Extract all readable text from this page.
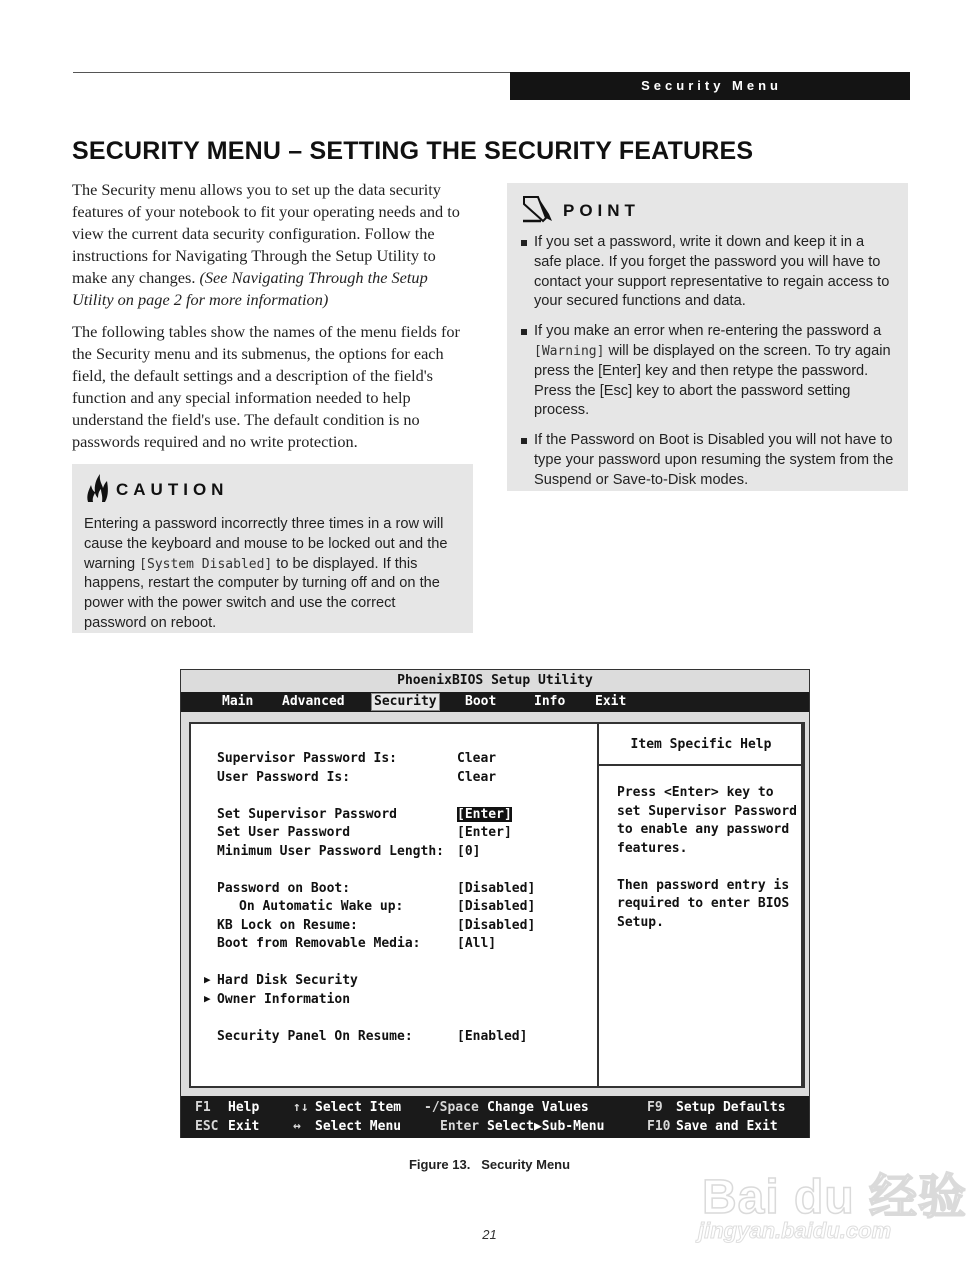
Security Menu
SECURITY MENU – SETTING THE SECURITY FEATURES

The Security menu allows you to set up the data security features of your notebook to fit your operating needs and to view the current data security configuration. Follow the instructions for Navigating Through the Setup Utility to make any changes. (See Navigating Through the Setup Utility on page 2 for more information)

The following tables show the names of the menu fields for the Security menu and its submenus, the options for each field, the default settings and a description of the field's function and any special information needed to help understand the field's use. The default condition is no passwords required and no write protection.

CAUTION

Entering a password incorrectly three times in a row will cause the keyboard and mouse to be locked out and the warning [System Disabled] to be displayed. If this happens, restart the computer by turning off and on the power with the power switch and use the correct password on reboot.

POINT
If you set a password, write it down and keep it in a safe place. If you forget the password you will have to contact your support representative to regain access to your secured functions and data.
If you make an error when re-entering the password a [Warning] will be displayed on the screen. To try again press the [Enter] key and then retype the password. Press the [Esc] key to abort the password setting process.
If the Password on Boot is Disabled you will not have to type your password upon resuming the system from the Suspend or Save-to-Disk modes.
PhoenixBIOS Setup Utility
Main Advanced Security Boot	Info Exit
Supervisor Password Is:	Clear
User Password Is:	Clear
Set Supervisor Password	[Enter]
Set User Password	[Enter]
Minimum User Password Length: [0]
Password on Boot:	[Disabled]
On Automatic Wake up:	[Disabled]
KB Lock on Resume:	[Disabled]
Boot from Removable Media:	[All]
▶ Hard Disk Security
▶ Owner Information
Security Panel On Resume:	[Enabled]
Item Specific Help
Press <Enter> key to
set Supervisor Password
to enable any password
features.

Then password entry is
required to enter BIOS
Setup.
F1 Help	↑↓ Select Item -/Space Change Values	F9 Setup Defaults
ESC Exit	↔ Select Menu	Enter Select▶Sub-Menu	F10 Save and Exit
Figure 13. Security Menu
21
Bai du 经验
jingyan.baidu.com
